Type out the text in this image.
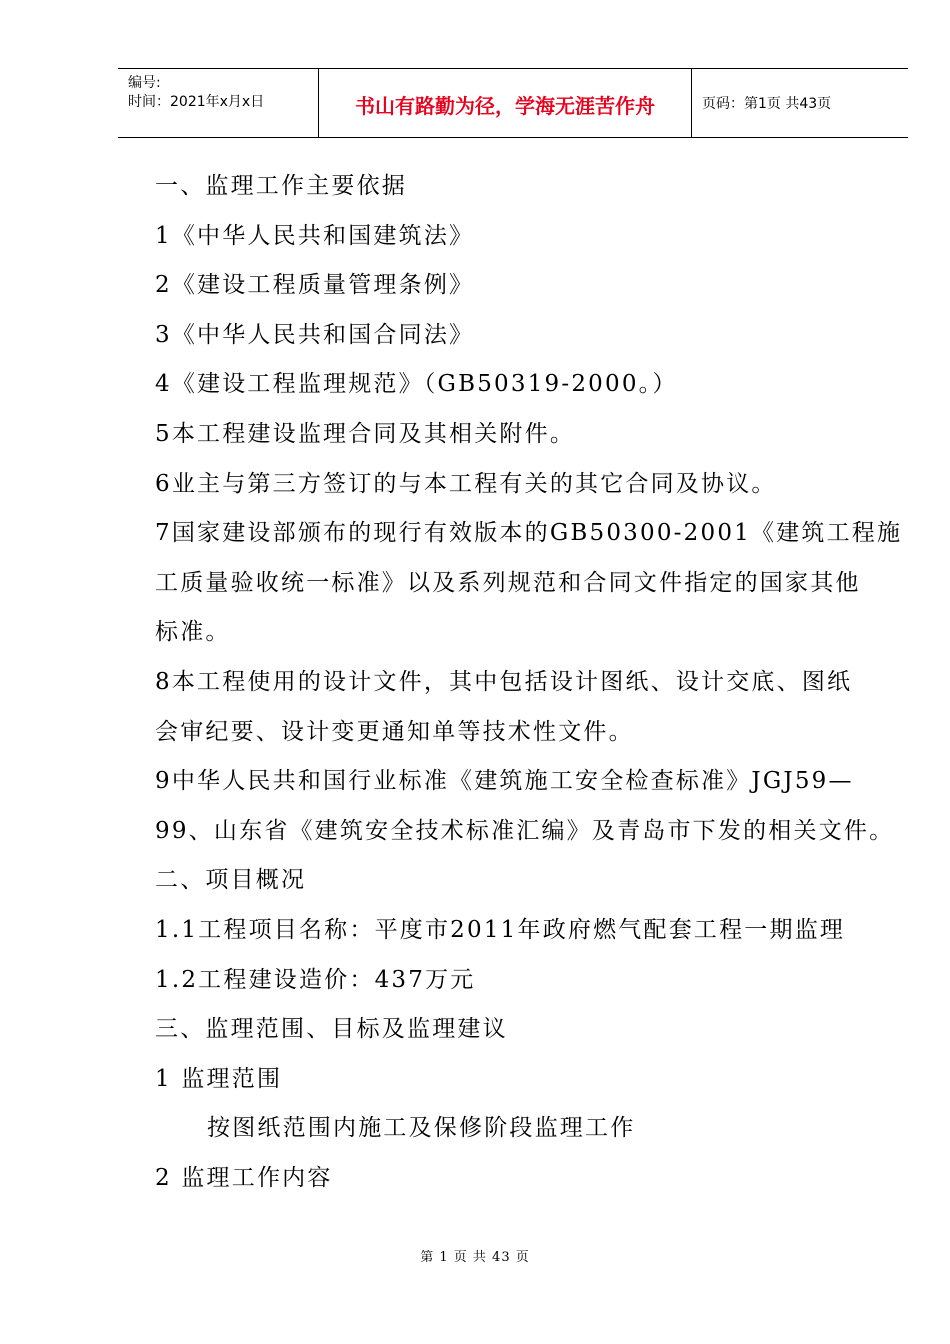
编号:
时间：2021年x月x日	书山有路勤为径，学海无涯苦作舟	页码：第1页 共43页
一、监理工作主要依据
1《中华人民共和国建筑法》
2《建设工程质量管理条例》
3《中华人民共和国合同法》
4《建设工程监理规范》（GB50319-2000。）
5本工程建设监理合同及其相关附件。
6业主与第三方签订的与本工程有关的其它合同及协议。
7国家建设部颁布的现行有效版本的GB50300-2001《建筑工程施
工质量验收统一标准》以及系列规范和合同文件指定的国家其他
标准。
8本工程使用的设计文件，其中包括设计图纸、设计交底、图纸
会审纪要、设计变更通知单等技术性文件。
9中华人民共和国行业标准《建筑施工安全检查标准》JGJ59—
99、山东省《建筑安全技术标准汇编》及青岛市下发的相关文件。
二、项目概况
1.1工程项目名称：平度市2011年政府燃气配套工程一期监理
1.2工程建设造价：437万元
三、监理范围、目标及监理建议
1 监理范围
按图纸范围内施工及保修阶段监理工作
2 监理工作内容
第 1 页 共 43 页
